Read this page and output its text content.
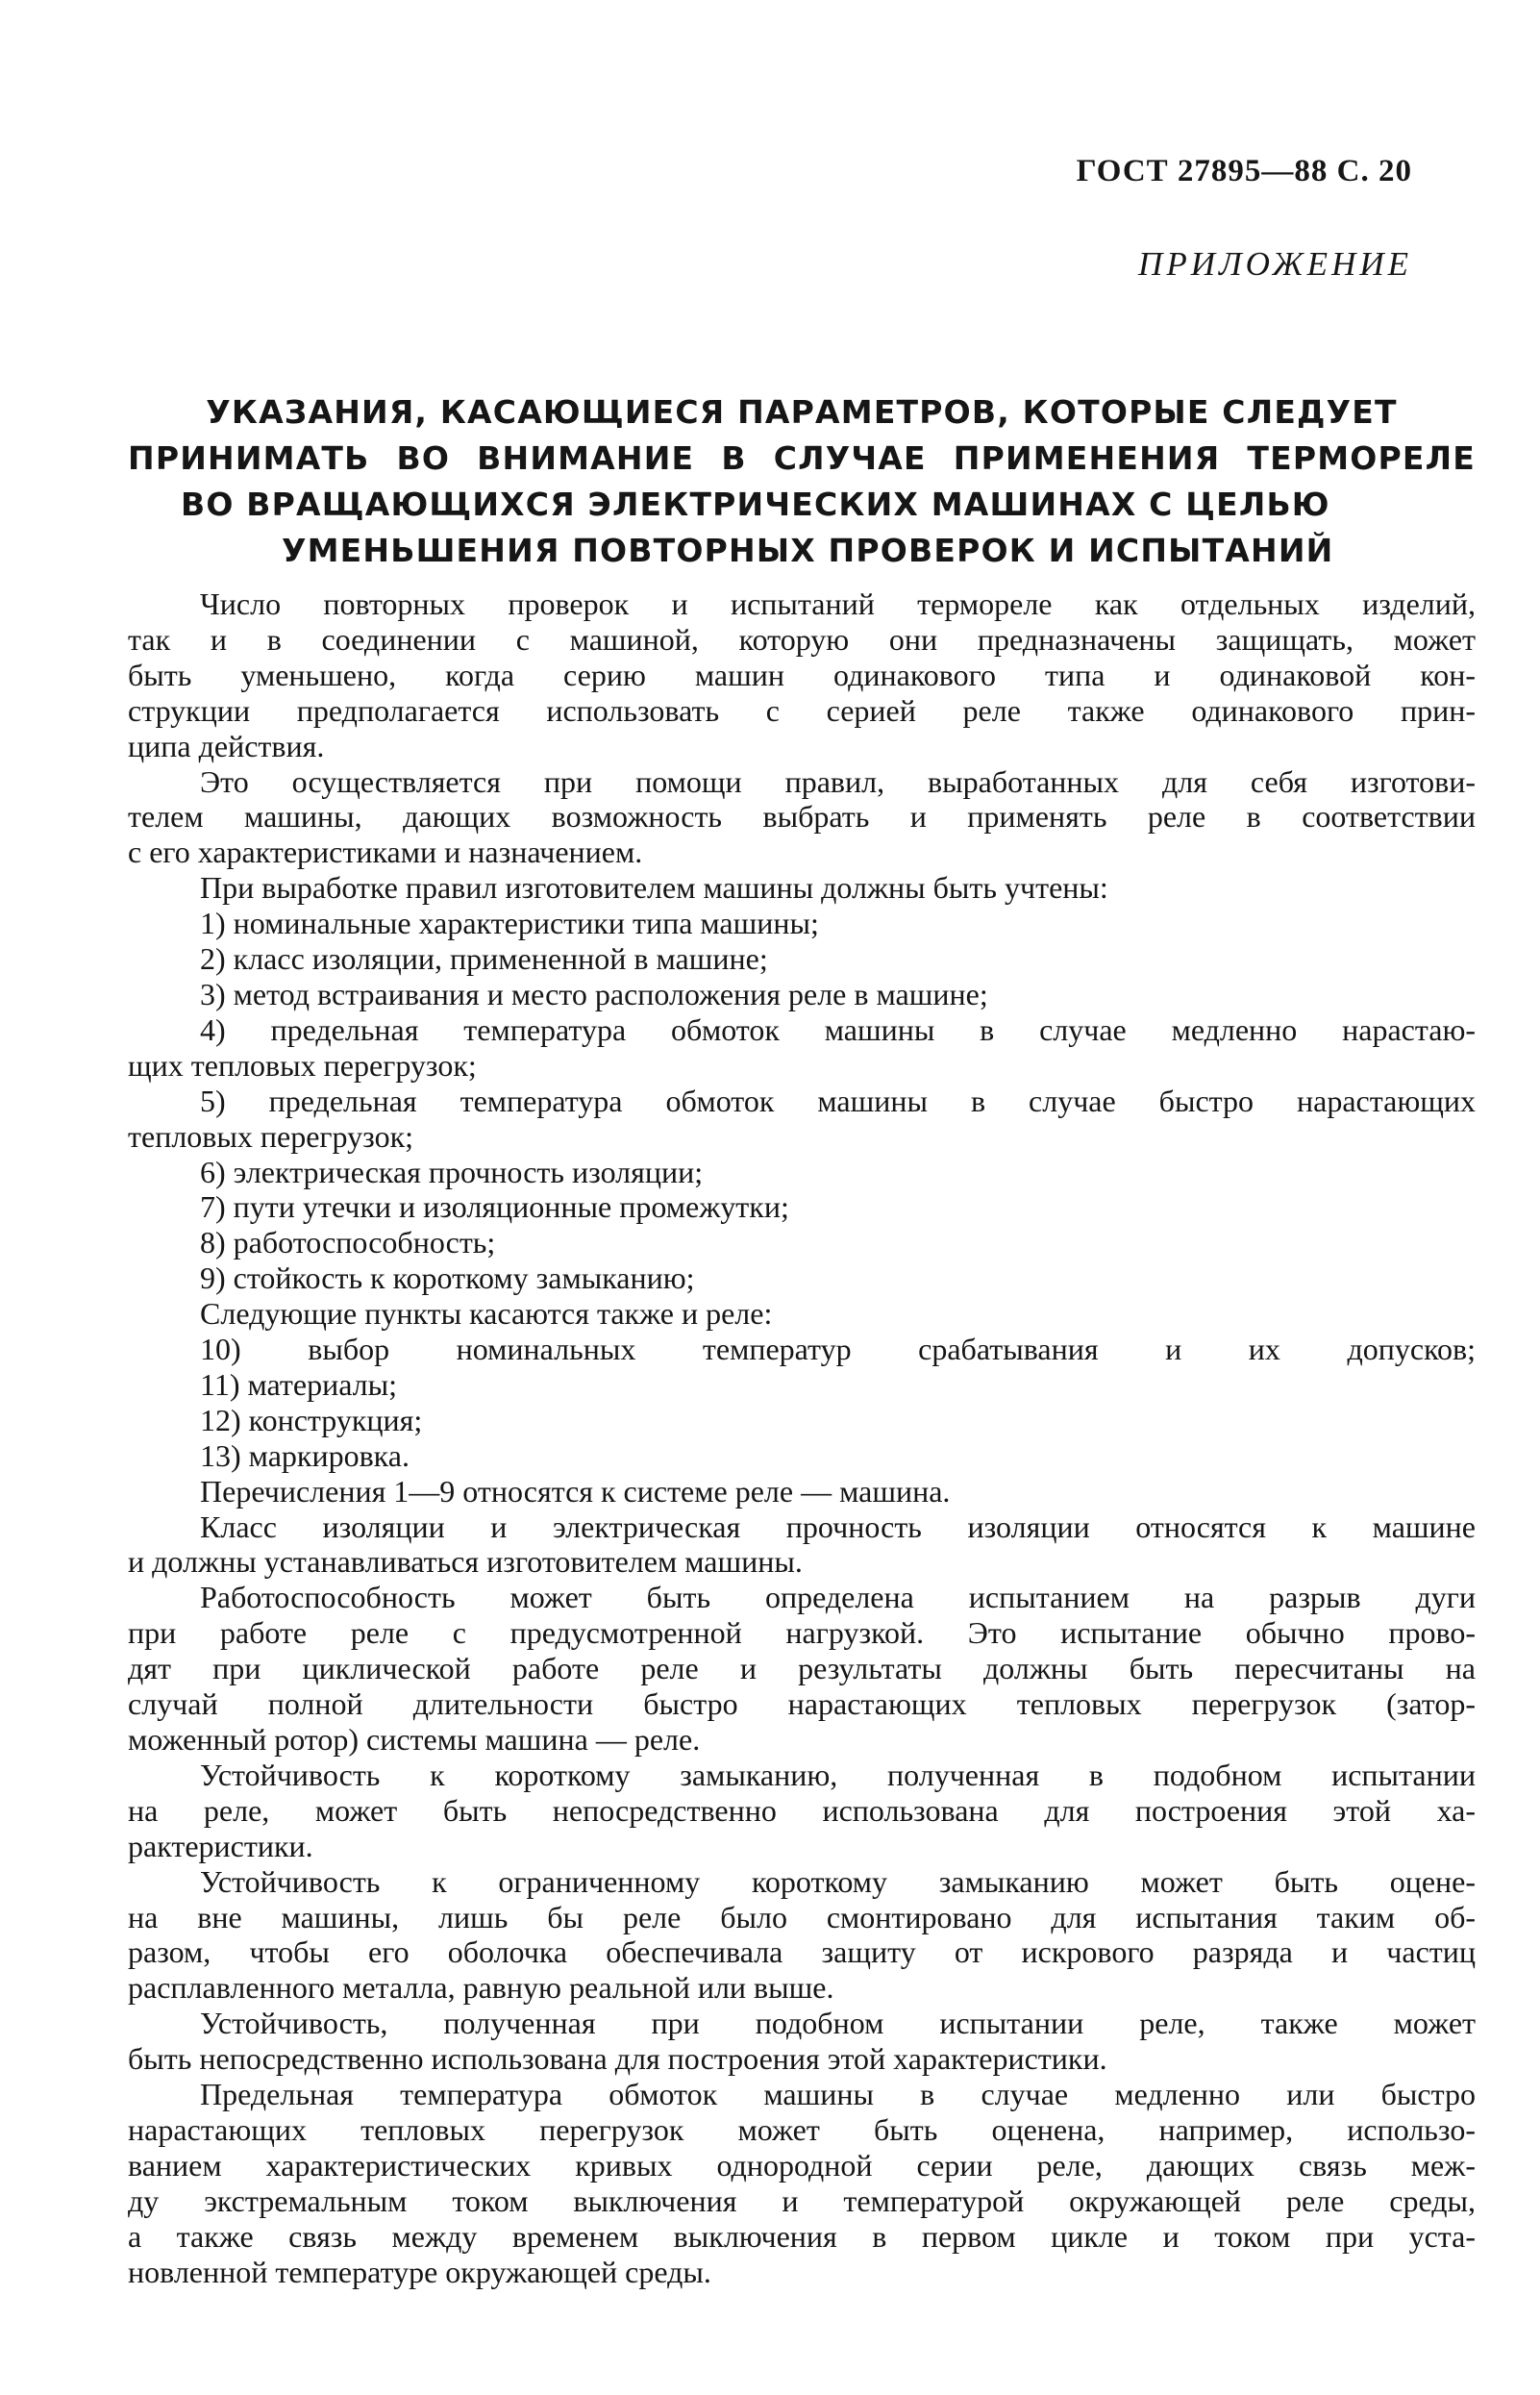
ГОСТ 27895—88 С. 20
ПРИЛОЖЕНИЕ
УКАЗАНИЯ, КАСАЮЩИЕСЯ ПАРАМЕТРОВ, КОТОРЫЕ СЛЕДУЕТ
ПРИНИМАТЬ ВО ВНИМАНИЕ В СЛУЧАЕ ПРИМЕНЕНИЯ ТЕРМОРЕЛЕ
ВО ВРАЩАЮЩИХСЯ ЭЛЕКТРИЧЕСКИХ МАШИНАХ С ЦЕЛЬЮ
УМЕНЬШЕНИЯ ПОВТОРНЫХ ПРОВЕРОК И ИСПЫТАНИЙ

Число повторных проверок и испытаний термореле как отдельных изделий,

так и в соединении с машиной, которую они предназначены защищать, может

быть уменьшено, когда серию машин одинакового типа и одинаковой кон-

струкции предполагается использовать с серией реле также одинакового прин-

ципа действия.

Это осуществляется при помощи правил, выработанных для себя изготови-

телем машины, дающих возможность выбрать и применять реле в соответствии

с его характеристиками и назначением.

При выработке правил изготовителем машины должны быть учтены:

1) номинальные характеристики типа машины;

2) класс изоляции, примененной в машине;

3) метод встраивания и место расположения реле в машине;

4) предельная температура обмоток машины в случае медленно нарастаю-

щих тепловых перегрузок;

5) предельная температура обмоток машины в случае быстро нарастающих

тепловых перегрузок;

6) электрическая прочность изоляции;

7) пути утечки и изоляционные промежутки;

8) работоспособность;

9) стойкость к короткому замыканию;

Следующие пункты касаются также и реле:

10) выбор номинальных температур срабатывания и их допусков;

11) материалы;

12) конструкция;

13) маркировка.

Перечисления 1—9 относятся к системе реле — машина.

Класс изоляции и электрическая прочность изоляции относятся к машине

и должны устанавливаться изготовителем машины.

Работоспособность может быть определена испытанием на разрыв дуги

при работе реле с предусмотренной нагрузкой. Это испытание обычно прово-

дят при циклической работе реле и результаты должны быть пересчитаны на

случай полной длительности быстро нарастающих тепловых перегрузок (затор-

моженный ротор) системы машина — реле.

Устойчивость к короткому замыканию, полученная в подобном испытании

на реле, может быть непосредственно использована для построения этой ха-

рактеристики.

Устойчивость к ограниченному короткому замыканию может быть оцене-

на вне машины, лишь бы реле было смонтировано для испытания таким об-

разом, чтобы его оболочка обеспечивала защиту от искрового разряда и частиц

расплавленного металла, равную реальной или выше.

Устойчивость, полученная при подобном испытании реле, также может

быть непосредственно использована для построения этой характеристики.

Предельная температура обмоток машины в случае медленно или быстро

нарастающих тепловых перегрузок может быть оценена, например, использо-

ванием характеристических кривых однородной серии реле, дающих связь меж-

ду экстремальным током выключения и температурой окружающей реле среды,

а также связь между временем выключения в первом цикле и током при уста-

новленной температуре окружающей среды.
